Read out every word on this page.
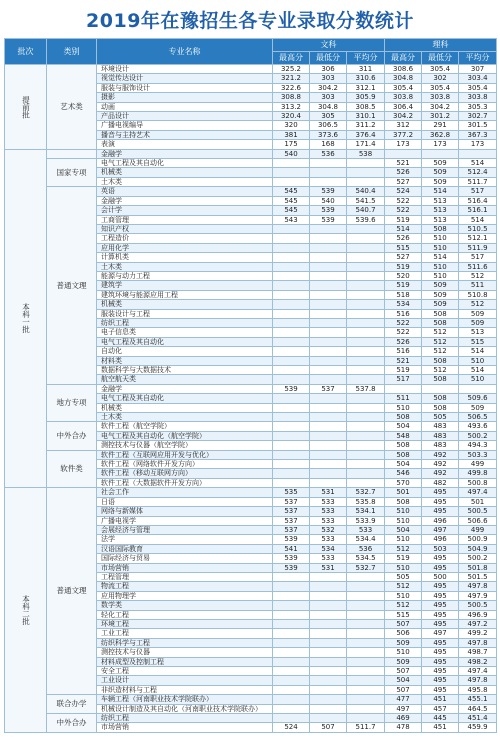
2019年在豫招生各专业录取分数统计
批次	类别	专业名称	文科			理科		
			最高分	最低分	平均分	最高分	最低分	平均分
提前批	艺术类	环境设计	325.2	306	311	308.6	305.4	307
		视觉传达设计	321.2	303	310.6	304.8	302	303.4
		服装与服饰设计	322.6	304.2	312.1	305.4	305.4	305.4
		摄影	308.8	303	305.9	303.8	303.8	303.8
		动画	313.2	304.8	308.5	306.4	304.2	305.3
		产品设计	320.4	305	310.1	304.2	301.2	302.7
		广播电视编导	320	306.5	311.2	312	291	301.5
		播音与主持艺术	381	373.6	376.4	377.2	362.8	367.3
		表演	175	168	171.4	173	173	173
本科一批		金融学	540	536	538			
	国家专项	电气工程及其自动化				521	509	514
		机械类				526	509	512.4
		土木类				527	509	511.7
	普通文理	英语	545	539	540.4	524	514	517
		金融学	545	540	541.5	522	513	516.4
		会计学	545	539	540.7	522	513	516.1
		工商管理	543	539	539.6	519	513	514
		知识产权				514	508	510.5
		工程造价				526	510	512.1
		应用化学				515	510	511.9
		计算机类				527	514	517
		土木类				519	510	511.6
		能源与动力工程				520	510	512
		建筑学				519	509	511
		建筑环境与能源应用工程				518	509	510.8
		机械类				534	509	512
		服装设计与工程				516	508	509
		纺织工程				522	508	509
		电子信息类				522	512	513
		电气工程及其自动化				526	512	515
		自动化				516	512	514
		材料类				521	508	510
		数据科学与大数据技术				519	512	514
		航空航天类				517	508	510
	地方专项	金融学	539	537	537.8			
		电气工程及其自动化				511	508	509.6
		机械类				510	508	509
		土木类				508	505	506.5
	中外合办	软件工程（航空学院）				504	483	493.6
		电气工程及其自动化（航空学院）				548	483	500.2
		测控技术与仪器（航空学院）				508	483	494.3
	软件类	软件工程（互联网应用开发与优化）				508	492	503.3
		软件工程（网络软件开发方向）				504	492	499
		软件工程（移动互联网方向）				546	492	499.8
		软件工程（大数据软件开发方向）				570	482	500.8
本科二批	普通文理	社会工作	535	531	532.7	501	495	497.4
		日语	537	533	535.8	508	495	501
		网络与新媒体	537	533	534.1	510	495	500.5
		广播电视学	537	533	533.9	510	496	506.6
		会展经济与管理	537	532	533	504	497	499
		法学	539	533	534.4	510	496	500.9
		汉语国际教育	541	534	536	512	503	504.9
		国际经济与贸易	539	533	534.5	519	495	500.2
		市场营销	539	531	532.7	510	495	501.8
		工程管理				505	500	501.5
		物流工程				512	495	497.8
		应用物理学				510	495	497.9
		数学类				512	495	500.5
		轻化工程				515	495	496.9
		环境工程				507	495	497.2
		工业工程				506	497	499.2
		纺织科学与工程				509	495	497.8
		测控技术与仪器				510	495	498.7
		材料成型及控制工程				509	495	498.2
		安全工程				507	495	497.4
		工业设计				504	495	497.8
		非织造材料与工程				507	495	495.8
	联合办学	车辆工程（河南职业技术学院联办）				477	451	455.1
		机械设计制造及其自动化（河南职业技术学院联办）				497	457	464.5
	中外合办	纺织工程				469	445	451.4
		市场营销	524	507	511.7	478	451	459.9
